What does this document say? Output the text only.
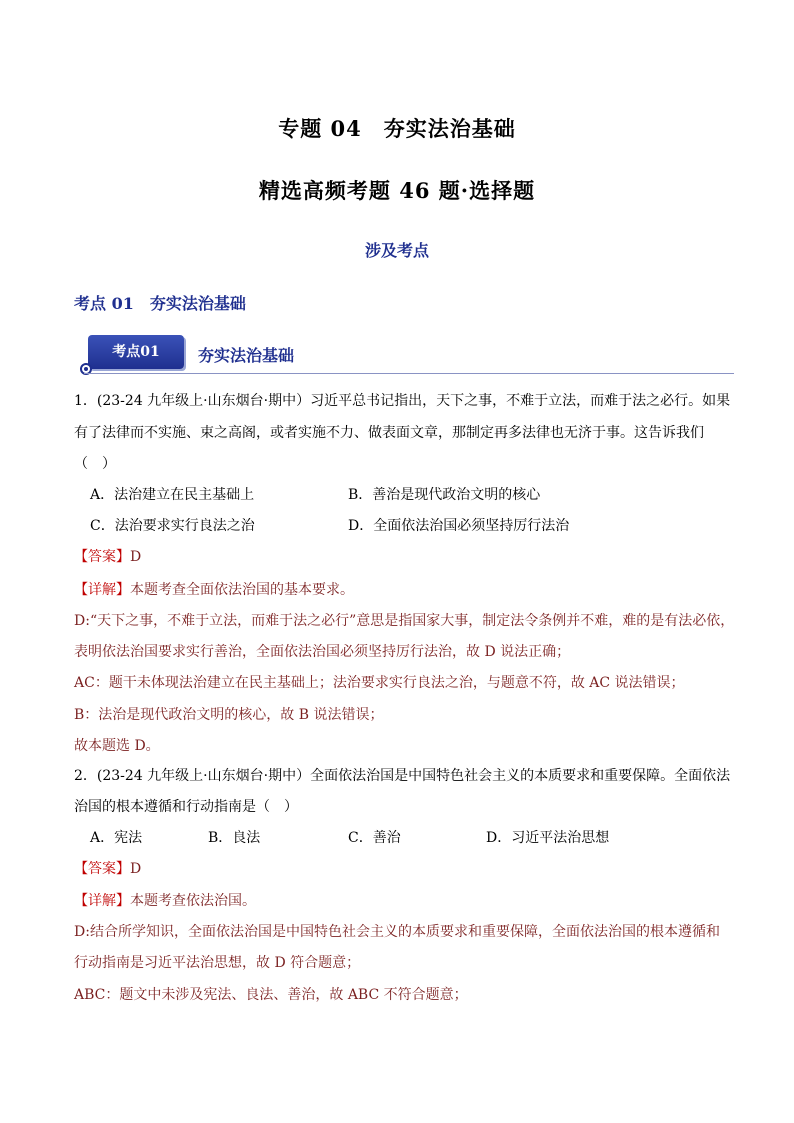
专题 04　夯实法治基础
精选高频考题 46 题·选择题
涉及考点
考点 01　夯实法治基础
考点01	夯实法治基础
1．(23-24 九年级上·山东烟台·期中）习近平总书记指出，天下之事，不难于立法，而难于法之必行。如果
有了法律而不实施、束之高阁，或者实施不力、做表面文章，那制定再多法律也无济于事。这告诉我们
（　）
A．法治建立在民主基础上	B．善治是现代政治文明的核心
C．法治要求实行良法之治	D．全面依法治国必须坚持厉行法治
【答案】D
【详解】本题考查全面依法治国的基本要求。
D:“天下之事，不难于立法，而难于法之必行”意思是指国家大事，制定法令条例并不难，难的是有法必依，
表明依法治国要求实行善治，全面依法治国必须坚持厉行法治，故 D 说法正确；
AC：题干未体现法治建立在民主基础上；法治要求实行良法之治，与题意不符，故 AC 说法错误；
B：法治是现代政治文明的核心，故 B 说法错误；
故本题选 D。
2．(23-24 九年级上·山东烟台·期中）全面依法治国是中国特色社会主义的本质要求和重要保障。全面依法
治国的根本遵循和行动指南是（　）
A．宪法	B．良法	C．善治	D．习近平法治思想
【答案】D
【详解】本题考查依法治国。
D:结合所学知识，全面依法治国是中国特色社会主义的本质要求和重要保障，全面依法治国的根本遵循和
行动指南是习近平法治思想，故 D 符合题意；
ABC：题文中未涉及宪法、良法、善治，故 ABC 不符合题意；
